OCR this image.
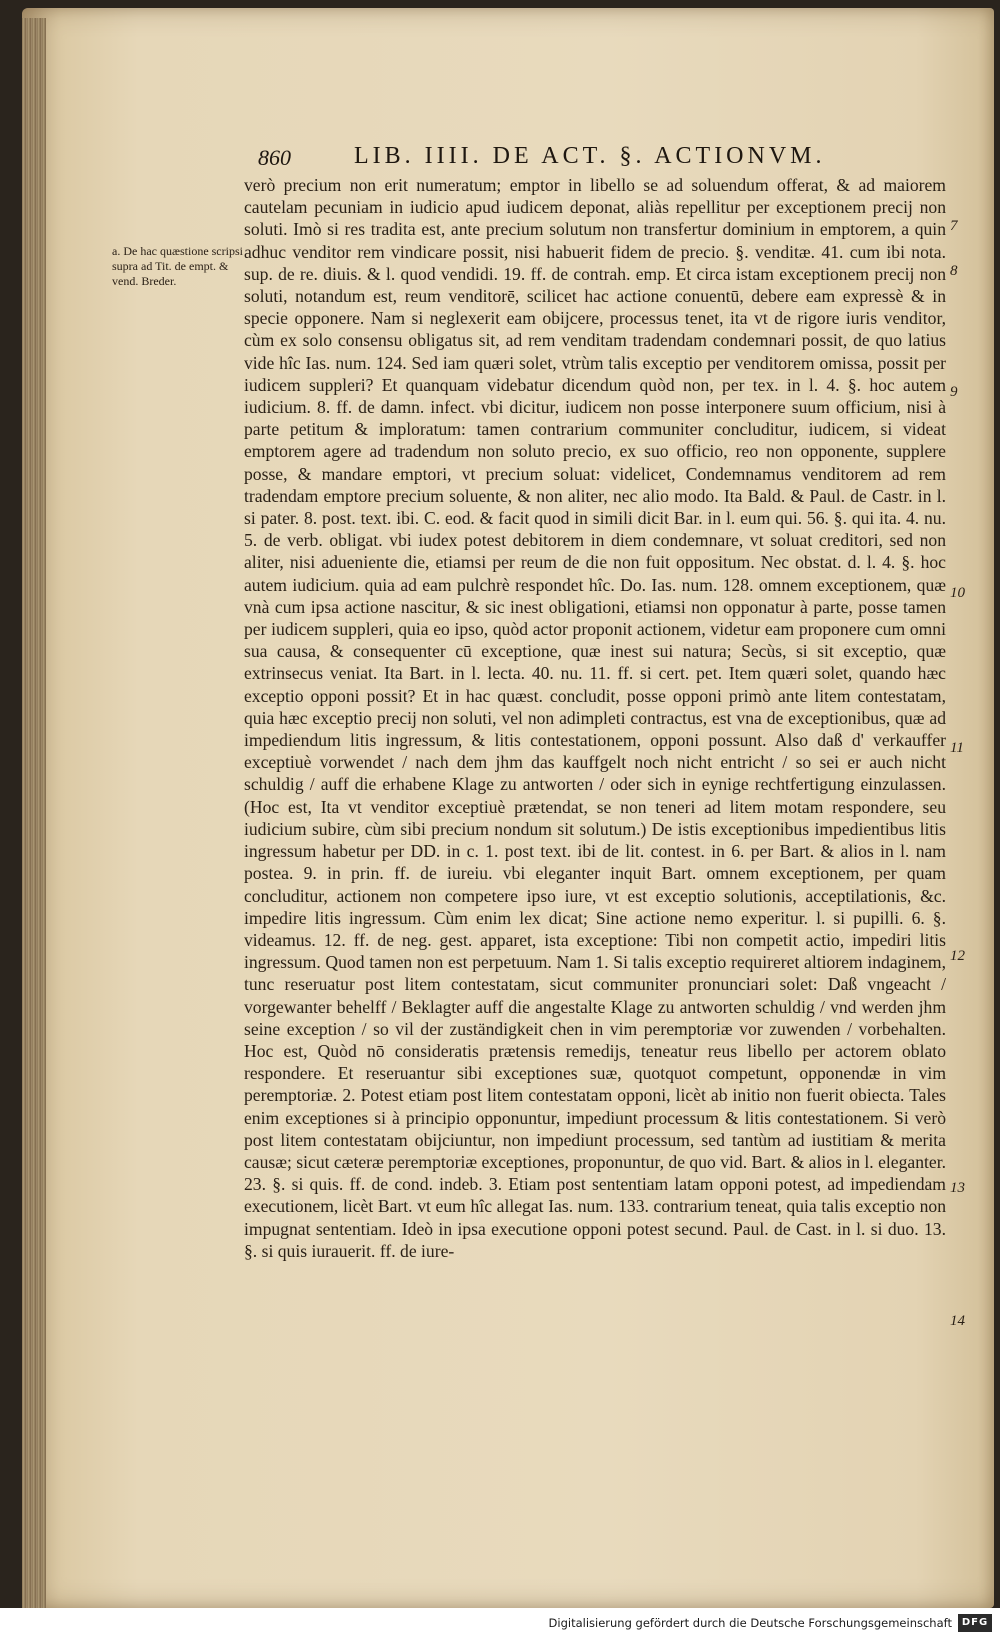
860	LIB. IIII. DE ACT. §. ACTIONVM.
a. De hac quæstione scripsi supra ad Tit. de empt. & vend. Breder.

verò precium non erit numeratum; emptor in libello se ad soluendum offerat, & ad maiorem cautelam pecuniam in iudicio apud iudicem deponat, aliàs repellitur per exceptionem precij non soluti. Imò si res tradita est, ante precium solutum non transfertur dominium in emptorem, a quin adhuc venditor rem vindicare possit, nisi habuerit fidem de precio. §. venditæ. 41. cum ibi nota. sup. de re. diuis. & l. quod vendidi. 19. ff. de contrah. emp. Et circa istam exceptionem precij non soluti, notandum est, reum venditorē, scilicet hac actione conuentū, debere eam expressè & in specie opponere. Nam si neglexerit eam obijcere, processus tenet, ita vt de rigore iuris venditor, cùm ex solo consensu obligatus sit, ad rem venditam tradendam condemnari possit, de quo latius vide hîc Ias. num. 124. Sed iam quæri solet, vtrùm talis exceptio per venditorem omissa, possit per iudicem suppleri? Et quanquam videbatur dicendum quòd non, per tex. in l. 4. §. hoc autem iudicium. 8. ff. de damn. infect. vbi dicitur, iudicem non posse interponere suum officium, nisi à parte petitum & imploratum: tamen contrarium communiter concluditur, iudicem, si videat emptorem agere ad tradendum non soluto precio, ex suo officio, reo non opponente, supplere posse, & mandare emptori, vt precium soluat: videlicet, Condemnamus venditorem ad rem tradendam emptore precium soluente, & non aliter, nec alio modo. Ita Bald. & Paul. de Castr. in l. si pater. 8. post. text. ibi. C. eod. & facit quod in simili dicit Bar. in l. eum qui. 56. §. qui ita. 4. nu. 5. de verb. obligat. vbi iudex potest debitorem in diem condemnare, vt soluat creditori, sed non aliter, nisi adueniente die, etiamsi per reum de die non fuit oppositum. Nec obstat. d. l. 4. §. hoc autem iudicium. quia ad eam pulchrè respondet hîc. Do. Ias. num. 128. omnem exceptionem, quæ vnà cum ipsa actione nascitur, & sic inest obligationi, etiamsi non opponatur à parte, posse tamen per iudicem suppleri, quia eo ipso, quòd actor proponit actionem, videtur eam proponere cum omni sua causa, & consequenter cū exceptione, quæ inest sui natura; Secùs, si sit exceptio, quæ extrinsecus veniat. Ita Bart. in l. lecta. 40. nu. 11. ff. si cert. pet. Item quæri solet, quando hæc exceptio opponi possit? Et in hac quæst. concludit, posse opponi primò ante litem contestatam, quia hæc exceptio precij non soluti, vel non adimpleti contractus, est vna de exceptionibus, quæ ad impediendum litis ingressum, & litis contestationem, opponi possunt. Also daß d' verkauffer exceptiuè vorwendet / nach dem jhm das kauffgelt noch nicht entricht / so sei er auch nicht schuldig / auff die erhabene Klage zu antworten / oder sich in eynige rechtfertigung einzulassen. (Hoc est, Ita vt venditor exceptiuè prætendat, se non teneri ad litem motam respondere, seu iudicium subire, cùm sibi precium nondum sit solutum.) De istis exceptionibus impedientibus litis ingressum habetur per DD. in c. 1. post text. ibi de lit. contest. in 6. per Bart. & alios in l. nam postea. 9. in prin. ff. de iureiu. vbi eleganter inquit Bart. omnem exceptionem, per quam concluditur, actionem non competere ipso iure, vt est exceptio solutionis, acceptilationis, &c. impedire litis ingressum. Cùm enim lex dicat; Sine actione nemo experitur. l. si pupilli. 6. §. videamus. 12. ff. de neg. gest. apparet, ista exceptione: Tibi non competit actio, impediri litis ingressum. Quod tamen non est perpetuum. Nam 1. Si talis exceptio requireret altiorem indaginem, tunc reseruatur post litem contestatam, sicut communiter pronunciari solet: Daß vngeacht / vorgewanter behelff / Beklagter auff die angestalte Klage zu antworten schuldig / vnd werden jhm seine exception / so vil der zuständigkeit chen in vim peremptoriæ vor zuwenden / vorbehalten. Hoc est, Quòd nō consideratis prætensis remedijs, teneatur reus libello per actorem oblato respondere. Et reseruantur sibi exceptiones suæ, quotquot competunt, opponendæ in vim peremptoriæ. 2. Potest etiam post litem contestatam opponi, licèt ab initio non fuerit obiecta. Tales enim exceptiones si à principio opponuntur, impediunt processum & litis contestationem. Si verò post litem contestatam obijciuntur, non impediunt processum, sed tantùm ad iustitiam & merita causæ; sicut cæteræ peremptoriæ exceptiones, proponuntur, de quo vid. Bart. & alios in l. eleganter. 23. §. si quis. ff. de cond. indeb. 3. Etiam post sententiam latam opponi potest, ad impediendam executionem, licèt Bart. vt eum hîc allegat Ias. num. 133. contrarium teneat, quia talis exceptio non impugnat sententiam. Ideò in ipsa executione opponi potest secund. Paul. de Cast. in l. si duo. 13. §. si quis iurauerit. ff. de iure-

7
8
9
10
11
12
13
14
Digitalisierung gefördert durch die Deutsche Forschungsgemeinschaft DFG
